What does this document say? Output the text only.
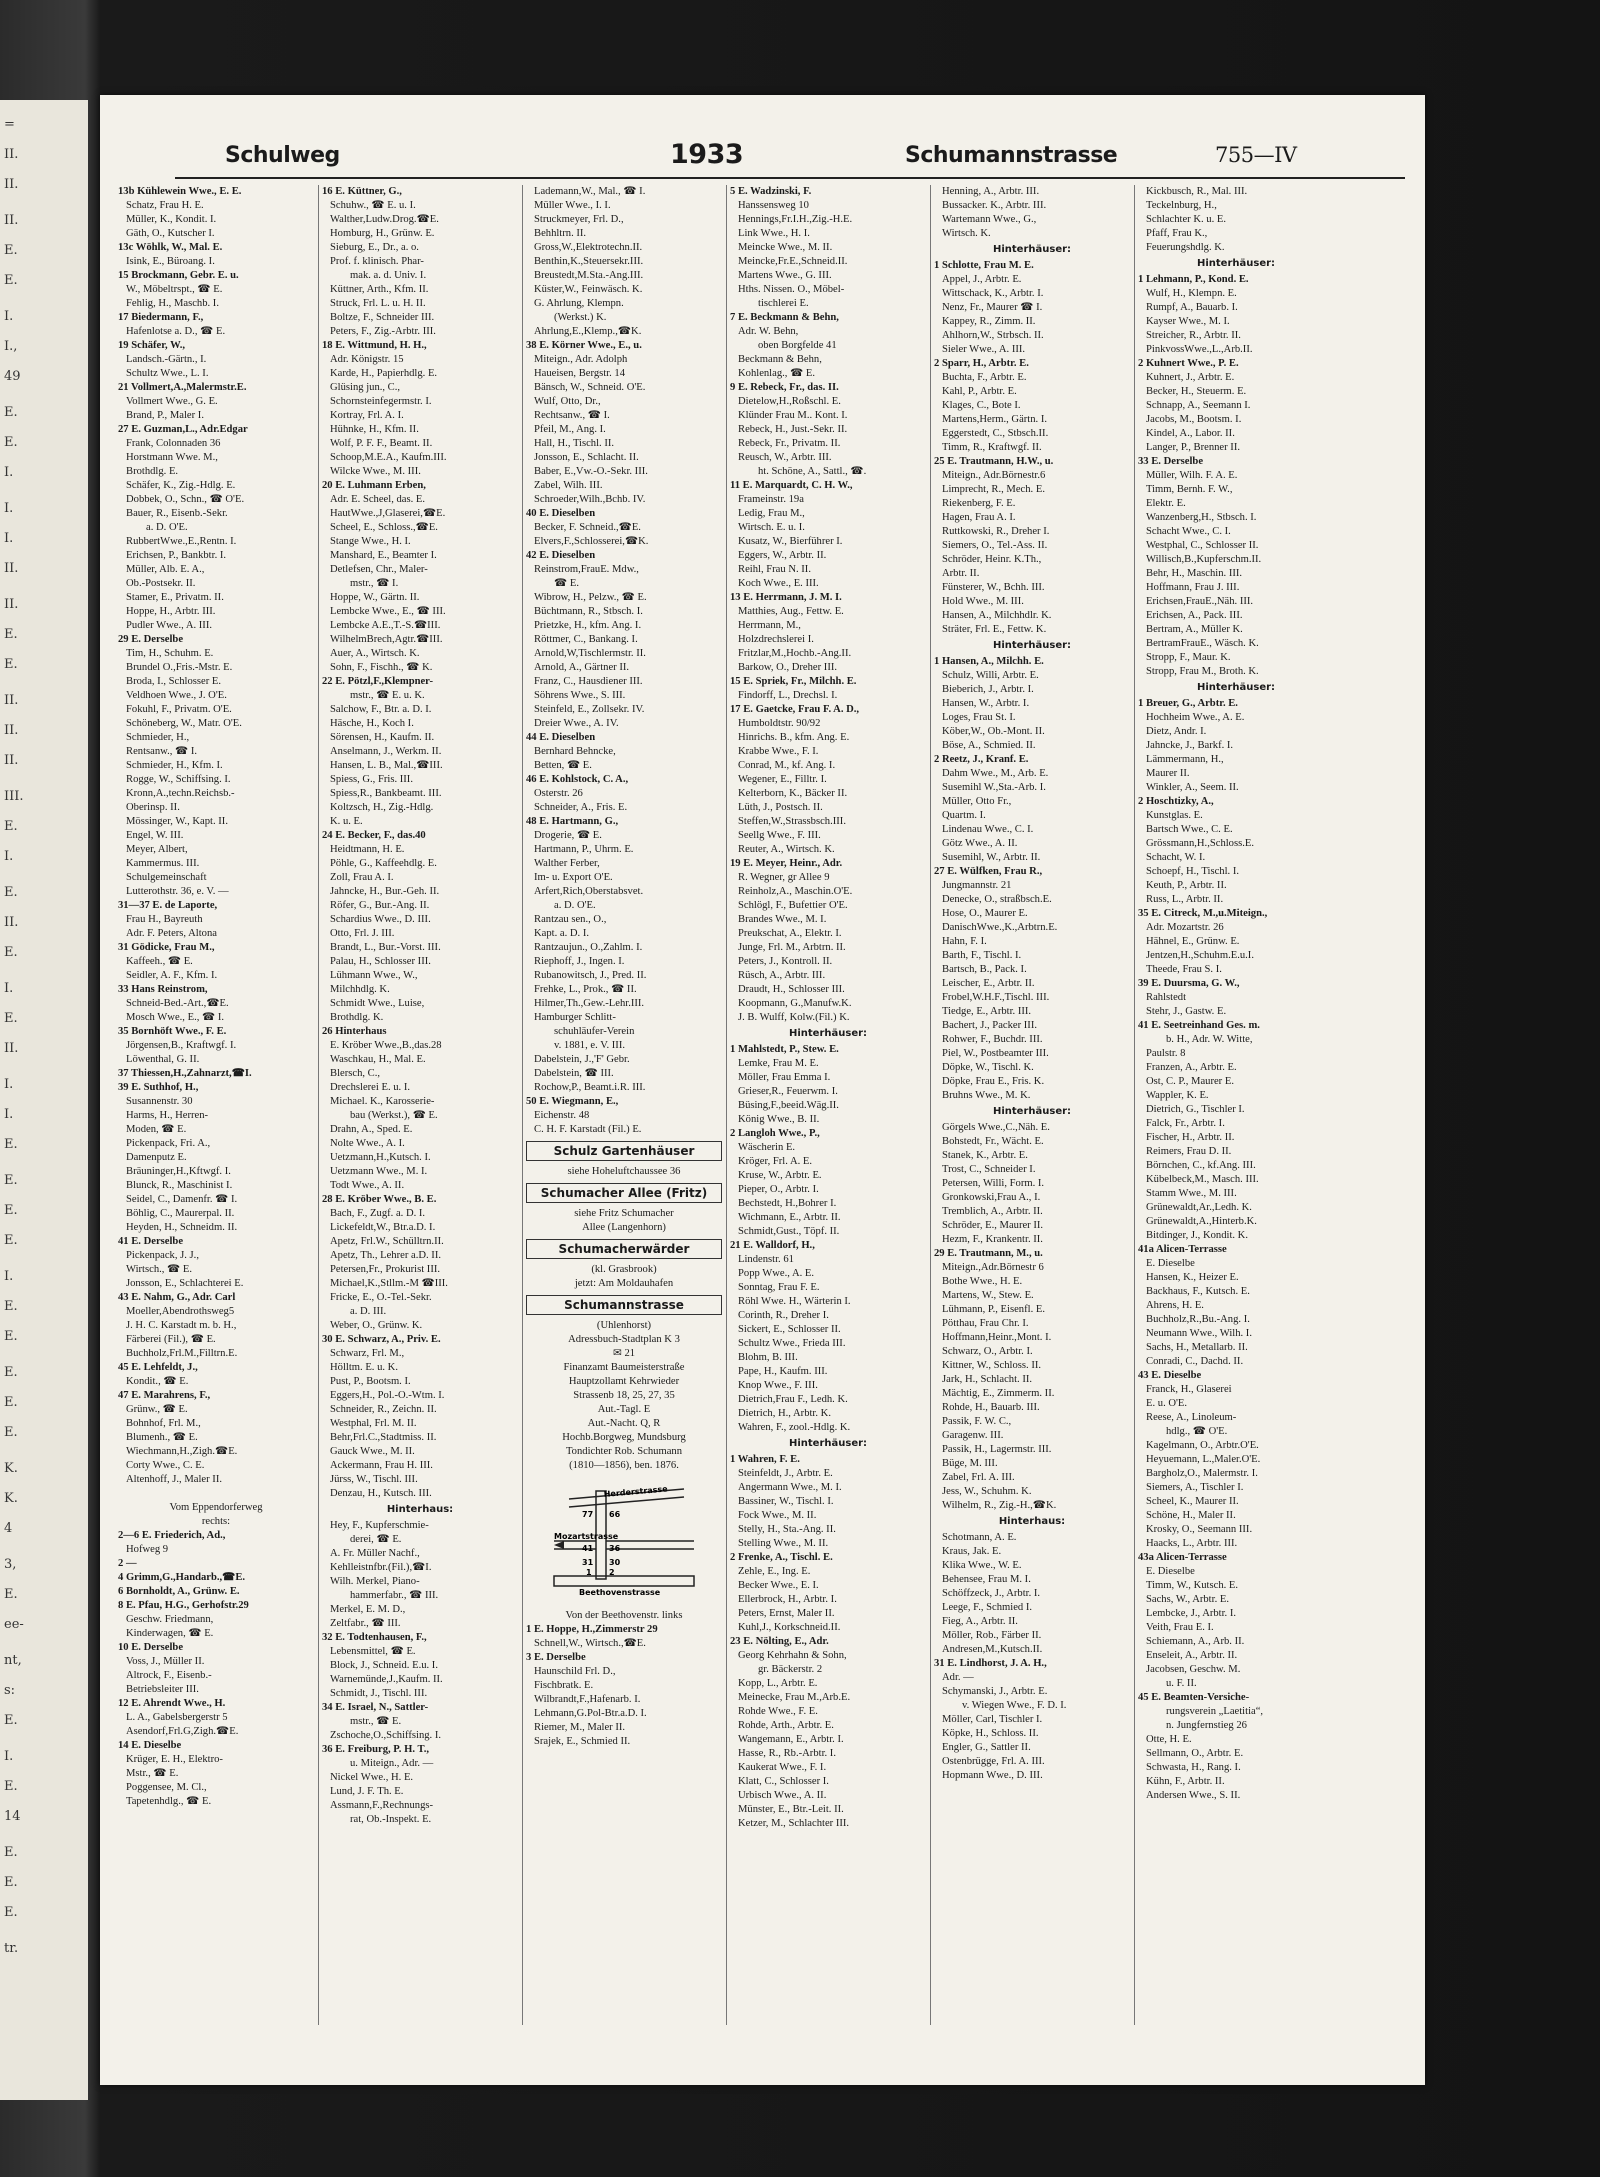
=
II.
II.
II.
E.
E.
I.
I.,
49
E.
E.
I.
I.
I.
II.
II.
E.
E.
II.
II.
II.
III.
E.
I.
E.
II.
E.
I.
E.
II.
I.
I.
E.
E.
E.
E.
I.
E.
E.
E.
E.
E.
K.
K.
4
3,
E.
ee-
nt,
s:
E.
I.
E.
14
E.
E.
E.
tr.
Schulweg	1933	Schumannstrasse	755—IV
13b Kühlewein Wwe., E. E.
Schatz, Frau H. E.
Müller, K., Kondit. I.
Gäth, O., Kutscher I.
13c Wöhlk, W., Mal. E.
Isink, E., Büroang. I.
15 Brockmann, Gebr. E. u.
W., Möbeltrspt., ☎ E.
Fehlig, H., Maschb. I.
17 Biedermann, F.,
Hafenlotse a. D., ☎ E.
19 Schäfer, W.,
Landsch.-Gärtn., I.
Schultz Wwe., L. I.
21 Vollmert,A.,Malermstr.E.
Vollmert Wwe., G. E.
Brand, P., Maler I.
27 E. Guzman,L., Adr.Edgar
Frank, Colonnaden 36
Horstmann Wwe. M.,
Brothdlg. E.
Schäfer, K., Zig.-Hdlg. E.
Dobbek, O., Schn., ☎ O'E.
Bauer, R., Eisenb.-Sekr.
a. D. O'E.
RubbertWwe.,E.,Rentn. I.
Erichsen, P., Bankbtr. I.
Müller, Alb. E. A.,
Ob.-Postsekr. II.
Stamer, E., Privatm. II.
Hoppe, H., Arbtr. III.
Pudler Wwe., A. III.
29 E. Derselbe
Tim, H., Schuhm. E.
Brundel O.,Fris.-Mstr. E.
Broda, I., Schlosser E.
Veldhoen Wwe., J. O'E.
Fokuhl, F., Privatm. O'E.
Schöneberg, W., Matr. O'E.
Schmieder, H.,
Rentsanw., ☎ I.
Schmieder, H., Kfm. I.
Rogge, W., Schiffsing. I.
Kronn,A.,techn.Reichsb.-
Oberinsp. II.
Mössinger, W., Kapt. II.
Engel, W. III.
Meyer, Albert,
Kammermus. III.
Schulgemeinschaft
Lutterothstr. 36, e. V. —
31—37 E. de Laporte,
Frau H., Bayreuth
Adr. F. Peters, Altona
31 Gödicke, Frau M.,
Kaffeeh., ☎ E.
Seidler, A. F., Kfm. I.
33 Hans Reinstrom,
Schneid-Bed.-Art.,☎E.
Mosch Wwe., E., ☎ I.
35 Bornhöft Wwe., F. E.
Jörgensen,B., Kraftwgf. I.
Löwenthal, G. II.
37 Thiessen,H.,Zahnarzt,☎I.
39 E. Suthhof, H.,
Susannenstr. 30
Harms, H., Herren-
Moden, ☎ E.
Pickenpack, Fri. A.,
Damenputz E.
Bräuninger,H.,Kftwgf. I.
Blunck, R., Maschinist I.
Seidel, C., Damenfr. ☎ I.
Böhlig, C., Maurerpal. II.
Heyden, H., Schneidm. II.
41 E. Derselbe
Pickenpack, J. J.,
Wirtsch., ☎ E.
Jonsson, E., Schlachterei E.
43 E. Nahm, G., Adr. Carl
Moeller,Abendrothsweg5
J. H. C. Karstadt m. b. H.,
Färberei (Fil.), ☎ E.
Buchholz,Frl.M.,Filltrn.E.
45 E. Lehfeldt, J.,
Kondit., ☎ E.
47 E. Marahrens, F.,
Grünw., ☎ E.
Bohnhof, Frl. M.,
Blumenh., ☎ E.
Wiechmann,H.,Zigh.☎E.
Corty Wwe., C. E.
Altenhoff, J., Maler II.

Vom Eppendorferweg
rechts:
2—6 E. Friederich, Ad.,
Hofweg 9
2 —
4 Grimm,G.,Handarb.,☎E.
6 Bornholdt, A., Grünw. E.
8 E. Pfau, H.G., Gerhofstr.29
Geschw. Friedmann,
Kinderwagen, ☎ E.
10 E. Derselbe
Voss, J., Müller II.
Altrock, F., Eisenb.-
Betriebsleiter III.
12 E. Ahrendt Wwe., H.
L. A., Gabelsbergerstr 5
Asendorf,Frl.G,Zigh.☎E.
14 E. Dieselbe
Krüger, E. H., Elektro-
Mstr., ☎ E.
Poggensee, M. Cl.,
Tapetenhdlg., ☎ E.
16 E. Küttner, G.,
Schuhw., ☎ E. u. I.
Walther,Ludw.Drog.☎E.
Homburg, H., Grünw. E.
Sieburg, E., Dr., a. o.
Prof. f. klinisch. Phar-
mak. a. d. Univ. I.
Küttner, Arth., Kfm. II.
Struck, Frl. L. u. H. II.
Boltze, F., Schneider III.
Peters, F., Zig.-Arbtr. III.
18 E. Wittmund, H. H.,
Adr. Königstr. 15
Karde, H., Papierhdlg. E.
Glüsing jun., C.,
Schornsteinfegermstr. I.
Kortray, Frl. A. I.
Hühnke, H., Kfm. II.
Wolf, P. F. F., Beamt. II.
Schoop,M.E.A., Kaufm.III.
Wilcke Wwe., M. III.
20 E. Luhmann Erben,
Adr. E. Scheel, das. E.
HautWwe.,J,Glaserei,☎E.
Scheel, E., Schloss.,☎E.
Stange Wwe., H. I.
Manshard, E., Beamter I.
Detlefsen, Chr., Maler-
mstr., ☎ I.
Hoppe, W., Gärtn. II.
Lembcke Wwe., E., ☎ III.
Lembcke A.E.,T.-S.☎III.
WilhelmBrech,Agtr.☎III.
Auer, A., Wirtsch. K.
Sohn, F., Fischh., ☎ K.
22 E. Pötzl,F.,Klempner-
mstr., ☎ E. u. K.
Salchow, F., Btr. a. D. I.
Häsche, H., Koch I.
Sörensen, H., Kaufm. II.
Anselmann, J., Werkm. II.
Hansen, L. B., Mal.,☎III.
Spiess, G., Fris. III.
Spiess,R., Bankbeamt. III.
Koltzsch, H., Zig.-Hdlg.
K. u. E.
24 E. Becker, F., das.40
Heidtmann, H. E.
Pöhle, G., Kaffeehdlg. E.
Zoll, Frau A. I.
Jahncke, H., Bur.-Geh. II.
Röfer, G., Bur.-Ang. II.
Schardius Wwe., D. III.
Otto, Frl. J. III.
Brandt, L., Bur.-Vorst. III.
Palau, H., Schlosser III.
Lühmann Wwe., W.,
Milchhdlg. K.
Schmidt Wwe., Luise,
Brothdlg. K.
26 Hinterhaus
E. Kröber Wwe.,B.,das.28
Waschkau, H., Mal. E.
Blersch, C.,
Drechslerei E. u. I.
Michael. K., Karosserie-
bau (Werkst.), ☎ E.
Drahn, A., Sped. E.
Nolte Wwe., A. I.
Uetzmann,H.,Kutsch. I.
Uetzmann Wwe., M. I.
Todt Wwe., A. II.
28 E. Kröber Wwe., B. E.
Bach, F., Zugf. a. D. I.
Lickefeldt,W., Btr.a.D. I.
Apetz, Frl.W., Schülltrn.II.
Apetz, Th., Lehrer a.D. II.
Petersen,Fr., Prokurist III.
Michael,K.,Stllm.-M ☎III.
Fricke, E., O.-Tel.-Sekr.
a. D. III.
Weber, O., Grünw. K.
30 E. Schwarz, A., Priv. E.
Schwarz, Frl. M.,
Hölltm. E. u. K.
Pust, P., Bootsm. I.
Eggers,H., Pol.-O.-Wtm. I.
Schneider, R., Zeichn. II.
Westphal, Frl. M. II.
Behr,Frl.C.,Stadtmiss. II.
Gauck Wwe., M. II.
Ackermann, Frau H. III.
Jürss, W., Tischl. III.
Denzau, H., Kutsch. III.
Hinterhaus:
Hey, F., Kupferschmie-
derei, ☎ E.
A. Fr. Müller Nachf.,
Kehlleistnfbr.(Fil.),☎I.
Wilh. Merkel, Piano-
hammerfabr., ☎ III.
Merkel, E. M. D.,
Zeltfabr., ☎ III.
32 E. Todtenhausen, F.,
Lebensmittel, ☎ E.
Block, J., Schneid. E.u. I.
Warnemünde,J.,Kaufm. II.
Schmidt, J., Tischl. III.
34 E. Israel, N., Sattler-
mstr., ☎ E.
Zschoche,O.,Schiffsing. I.
36 E. Freiburg, P. H. T.,
u. Miteign., Adr. —
Nickel Wwe., H. E.
Lund, J. F. Th. E.
Assmann,F.,Rechnungs-
rat, Ob.-Inspekt. E.
Lademann,W., Mal., ☎ I.
Müller Wwe., I. I.
Struckmeyer, Frl. D.,
Behhltrn. II.
Gross,W.,Elektrotechn.II.
Benthin,K.,Steuersekr.III.
Breustedt,M.Sta.-Ang.III.
Küster,W., Feinwäsch. K.
G. Ahrlung, Klempn.
(Werkst.) K.
Ahrlung,E.,Klemp.,☎K.
38 E. Körner Wwe., E., u.
Miteign., Adr. Adolph
Haueisen, Bergstr. 14
Bänsch, W., Schneid. O'E.
Wulf, Otto, Dr.,
Rechtsanw., ☎ I.
Pfeil, M., Ang. I.
Hall, H., Tischl. II.
Jonsson, E., Schlacht. II.
Baber, E.,Vw.-O.-Sekr. III.
Zabel, Wilh. III.
Schroeder,Wilh.,Bchb. IV.
40 E. Dieselben
Becker, F. Schneid.,☎E.
Elvers,F.,Schlosserei,☎K.
42 E. Dieselben
Reinstrom,FrauE. Mdw.,
☎ E.
Wibrow, H., Pelzw., ☎ E.
Büchtmann, R., Stbsch. I.
Prietzke, H., kfm. Ang. I.
Röttmer, C., Bankang. I.
Arnold,W,Tischlermstr. II.
Arnold, A., Gärtner II.
Franz, C., Hausdiener III.
Söhrens Wwe., S. III.
Steinfeld, E., Zollsekr. IV.
Dreier Wwe., A. IV.
44 E. Dieselben
Bernhard Behncke,
Betten, ☎ E.
46 E. Kohlstock, C. A.,
Osterstr. 26
Schneider, A., Fris. E.
48 E. Hartmann, G.,
Drogerie, ☎ E.
Hartmann, P., Uhrm. E.
Walther Ferber,
Im- u. Export O'E.
Arfert,Rich,Oberstabsvet.
a. D. O'E.
Rantzau sen., O.,
Kapt. a. D. I.
Rantzaujun., O.,Zahlm. I.
Riephoff, J., Ingen. I.
Rubanowitsch, J., Pred. II.
Frehke, L., Prok., ☎ II.
Hilmer,Th.,Gew.-Lehr.III.
Hamburger Schlitt-
schuhläufer-Verein
v. 1881, e. V. III.
Dabelstein, J.,'F' Gebr.
Dabelstein, ☎ III.
Rochow,P., Beamt.i.R. III.
50 E. Wiegmann, E.,
Eichenstr. 48
C. H. F. Karstadt (Fil.) E.
Schulz Gartenhäuser
siehe Hoheluftchaussee 36
Schumacher Allee (Fritz)
siehe Fritz Schumacher
Allee (Langenhorn)
Schumacherwärder
(kl. Grasbrook)
jetzt: Am Moldauhafen
Schumannstrasse
(Uhlenhorst)
Adressbuch-Stadtplan K 3
✉ 21
Finanzamt Baumeisterstraße
Hauptzollamt Kehrwieder
Strassenb 18, 25, 27, 35
Aut.-Tagl. E
Aut.-Nacht. Q, R
Hochb.Borgweg, Mundsburg
Tondichter Rob. Schumann
(1810—1856), ben. 1876.
Herderstrasse
Mozartstrasse
Beethovenstrasse
77 66
41 36
31 30
1 2
Von der Beethovenstr. links
1 E. Hoppe, H.,Zimmerstr 29
Schnell,W., Wirtsch.,☎E.
3 E. Derselbe
Haunschild Frl. D.,
Fischbratk. E.
Wilbrandt,F.,Hafenarb. I.
Lehmann,G.Pol-Btr.a.D. I.
Riemer, M., Maler II.
Srajek, E., Schmied II.
5 E. Wadzinski, F.
Hanssensweg 10
Hennings,Fr.I.H.,Zig.-H.E.
Link Wwe., H. I.
Meincke Wwe., M. II.
Meincke,Fr.E.,Schneid.II.
Martens Wwe., G. III.
Hths. Nissen. O., Möbel-
tischlerei E.
7 E. Beckmann & Behn,
Adr. W. Behn,
oben Borgfelde 41
Beckmann & Behn,
Kohlenlag., ☎ E.
9 E. Rebeck, Fr., das. II.
Dietelow,H.,Roßschl. E.
Klünder Frau M.. Kont. I.
Rebeck, H., Just.-Sekr. II.
Rebeck, Fr., Privatm. II.
Reusch, W., Arbtr. III.
ht. Schöne, A., Sattl., ☎.
11 E. Marquardt, C. H. W.,
Frameinstr. 19a
Ledig, Frau M.,
Wirtsch. E. u. I.
Kusatz, W., Bierführer I.
Eggers, W., Arbtr. II.
Reihl, Frau N. II.
Koch Wwe., E. III.
13 E. Herrmann, J. M. I.
Matthies, Aug., Fettw. E.
Herrmann, M.,
Holzdrechslerei I.
Fritzlar,M.,Hochb.-Ang.II.
Barkow, O., Dreher III.
15 E. Spriek, Fr., Milchh. E.
Findorff, L., Drechsl. I.
17 E. Gaetcke, Frau F. A. D.,
Humboldtstr. 90/92
Hinrichs. B., kfm. Ang. E.
Krabbe Wwe., F. I.
Conrad, M., kf. Ang. I.
Wegener, E., Filltr. I.
Kelterborn, K., Bäcker II.
Lüth, J., Postsch. II.
Steffen,W.,Strassbsch.III.
Seellg Wwe., F. III.
Reuter, A., Wirtsch. K.
19 E. Meyer, Heinr., Adr.
R. Wegner, gr Allee 9
Reinholz,A., Maschin.O'E.
Schlögl, F., Bufettier O'E.
Brandes Wwe., M. I.
Preukschat, A., Elektr. I.
Junge, Frl. M., Arbtrn. II.
Peters, J., Kontroll. II.
Rüsch, A., Arbtr. III.
Draudt, H., Schlosser III.
Koopmann, G.,Manufw.K.
J. B. Wulff, Kolw.(Fil.) K.
Hinterhäuser:
1 Mahlstedt, P., Stew. E.
Lemke, Frau M. E.
Möller, Frau Emma I.
Grieser,R., Feuerwm. I.
Büsing,F.,beeid.Wäg.II.
König Wwe., B. II.
2 Langloh Wwe., P.,
Wäscherin E.
Kröger, Frl. A. E.
Kruse, W., Arbtr. E.
Pieper, O., Arbtr. I.
Bechstedt, H.,Bohrer I.
Wichmann, E., Arbtr. II.
Schmidt,Gust., Töpf. II.
21 E. Walldorf, H.,
Lindenstr. 61
Popp Wwe., A. E.
Sonntag, Frau F. E.
Röhl Wwe. H., Wärterin I.
Corinth, R., Dreher I.
Sickert, E., Schlosser II.
Schultz Wwe., Frieda III.
Blohm, B. III.
Pape, H., Kaufm. III.
Knop Wwe., F. III.
Dietrich,Frau F., Ledh. K.
Dietrich, H., Arbtr. K.
Wahren, F., zool.-Hdlg. K.
Hinterhäuser:
1 Wahren, F. E.
Steinfeldt, J., Arbtr. E.
Angermann Wwe., M. I.
Bassiner, W., Tischl. I.
Fock Wwe., M. II.
Stelly, H., Sta.-Ang. II.
Stelling Wwe., M. II.
2 Frenke, A., Tischl. E.
Zehle, E., Ing. E.
Becker Wwe., E. I.
Ellerbrock, H., Arbtr. I.
Peters, Ernst, Maler II.
Kuhl,J., Korkschneid.II.
23 E. Nölting, E., Adr.
Georg Kehrhahn & Sohn,
gr. Bäckerstr. 2
Kopp, L., Arbtr. E.
Meinecke, Frau M.,Arb.E.
Rohde Wwe., F. E.
Rohde, Arth., Arbtr. E.
Wangemann, E., Arbtr. I.
Hasse, R., Rb.-Arbtr. I.
Kaukerat Wwe., F. I.
Klatt, C., Schlosser I.
Urbisch Wwe., A. II.
Münster, E., Btr.-Leit. II.
Ketzer, M., Schlachter III.
Henning, A., Arbtr. III.
Bussacker. K., Arbtr. III.
Wartemann Wwe., G.,
Wirtsch. K.
Hinterhäuser:
1 Schlotte, Frau M. E.
Appel, J., Arbtr. E.
Wittschack, K., Arbtr. I.
Nenz, Fr., Maurer ☎ I.
Kappey, R., Zimm. II.
Ahlhorn,W., Strbsch. II.
Sieler Wwe., A. III.
2 Sparr, H., Arbtr. E.
Buchta, F., Arbtr. E.
Kahl, P., Arbtr. E.
Klages, C., Bote I.
Martens,Herm., Gärtn. I.
Eggerstedt, C., Stbsch.II.
Timm, R., Kraftwgf. II.
25 E. Trautmann, H.W., u.
Miteign., Adr.Börnestr.6
Limprecht, R., Mech. E.
Riekenberg, F. E.
Hagen, Frau A. I.
Ruttkowski, R., Dreher I.
Siemers, O., Tel.-Ass. II.
Schröder, Heinr. K.Th.,
Arbtr. II.
Fünsterer, W., Bchh. III.
Hold Wwe., M. III.
Hansen, A., Milchhdlr. K.
Sträter, Frl. E., Fettw. K.
Hinterhäuser:
1 Hansen, A., Milchh. E.
Schulz, Willi, Arbtr. E.
Bieberich, J., Arbtr. I.
Hansen, W., Arbtr. I.
Loges, Frau St. I.
Köber,W., Ob.-Mont. II.
Böse, A., Schmied. II.
2 Reetz, J., Kranf. E.
Dahm Wwe., M., Arb. E.
Susemihl W.,Sta.-Arb. I.
Müller, Otto Fr.,
Quartm. I.
Lindenau Wwe., C. I.
Götz Wwe., A. II.
Susemihl, W., Arbtr. II.
27 E. Wülfken, Frau R.,
Jungmannstr. 21
Denecke, O., straßbsch.E.
Hose, O., Maurer E.
DanischWwe.,K.,Arbtrn.E.
Hahn, F. I.
Barth, F., Tischl. I.
Bartsch, B., Pack. I.
Leischer, E., Arbtr. II.
Frobel,W.H.F.,Tischl. III.
Tiedge, E., Arbtr. III.
Bachert, J., Packer III.
Rohwer, F., Buchdr. III.
Piel, W., Postbeamter III.
Döpke, W., Tischl. K.
Döpke, Frau E., Fris. K.
Bruhns Wwe., M. K.
Hinterhäuser:
Görgels Wwe.,C.,Näh. E.
Bohstedt, Fr., Wächt. E.
Stanek, K., Arbtr. E.
Trost, C., Schneider I.
Petersen, Willi, Form. I.
Gronkowski,Frau A., I.
Tremblich, A., Arbtr. II.
Schröder, E., Maurer II.
Hezm, F., Krankentr. II.
29 E. Trautmann, M., u.
Miteign.,Adr.Börnestr 6
Bothe Wwe., H. E.
Martens, W., Stew. E.
Lühmann, P., Eisenfl. E.
Pötthau, Frau Chr. I.
Hoffmann,Heinr.,Mont. I.
Schwarz, O., Arbtr. I.
Kittner, W., Schloss. II.
Jark, H., Schlacht. II.
Mächtig, E., Zimmerm. II.
Rohde, H., Bauarb. III.
Passik, F. W. C.,
Garagenw. III.
Passik, H., Lagermstr. III.
Büge, M. III.
Zabel, Frl. A. III.
Jess, W., Schuhm. K.
Wilhelm, R., Zig.-H.,☎K.
Hinterhaus:
Schotmann, A. E.
Kraus, Jak. E.
Klika Wwe., W. E.
Behensee, Frau M. I.
Schöffzeck, J., Arbtr. I.
Leege, F., Schmied I.
Fieg, A., Arbtr. II.
Möller, Rob., Färber II.
Andresen,M.,Kutsch.II.
31 E. Lindhorst, J. A. H.,
Adr. —
Schymanski, J., Arbtr. E.
v. Wiegen Wwe., F. D. I.
Möller, Carl, Tischler I.
Köpke, H., Schloss. II.
Engler, G., Sattler II.
Ostenbrügge, Frl. A. III.
Hopmann Wwe., D. III.
Kickbusch, R., Mal. III.
Teckelnburg, H.,
Schlachter K. u. E.
Pfaff, Frau K.,
Feuerungshdlg. K.
Hinterhäuser:
1 Lehmann, P., Kond. E.
Wulf, H., Klempn. E.
Rumpf, A., Bauarb. I.
Kayser Wwe., M. I.
Streicher, R., Arbtr. II.
PinkvossWwe.,L.,Arb.II.
2 Kuhnert Wwe., P. E.
Kuhnert, J., Arbtr. E.
Becker, H., Steuerm. E.
Schnapp, A., Seemann I.
Jacobs, M., Bootsm. I.
Kindel, A., Labor. II.
Langer, P., Brenner II.
33 E. Derselbe
Müller, Wilh. F. A. E.
Timm, Bernh. F. W.,
Elektr. E.
Wanzenberg,H., Stbsch. I.
Schacht Wwe., C. I.
Westphal, C., Schlosser II.
Willisch,B.,Kupferschm.II.
Behr, H., Maschin. III.
Hoffmann, Frau J. III.
Erichsen,FrauE.,Näh. III.
Erichsen, A., Pack. III.
Bertram, A., Müller K.
BertramFrauE., Wäsch. K.
Stropp, F., Maur. K.
Stropp, Frau M., Broth. K.
Hinterhäuser:
1 Breuer, G., Arbtr. E.
Hochheim Wwe., A. E.
Dietz, Andr. I.
Jahncke, J., Barkf. I.
Lämmermann, H.,
Maurer II.
Winkler, A., Seem. II.
2 Hoschtizky, A.,
Kunstglas. E.
Bartsch Wwe., C. E.
Grössmann,H.,Schloss.E.
Schacht, W. I.
Schoepf, H., Tischl. I.
Keuth, P., Arbtr. II.
Russ, L., Arbtr. II.
35 E. Citreck, M.,u.Miteign.,
Adr. Mozartstr. 26
Hähnel, E., Grünw. E.
Jentzen,H.,Schuhm.E.u.I.
Theede, Frau S. I.
39 E. Duursma, G. W.,
Rahlstedt
Stehr, J., Gastw. E.
41 E. Seetreinhand Ges. m.
b. H., Adr. W. Witte,
Paulstr. 8
Franzen, A., Arbtr. E.
Ost, C. P., Maurer E.
Wappler, K. E.
Dietrich, G., Tischler I.
Falck, Fr., Arbtr. I.
Fischer, H., Arbtr. II.
Reimers, Frau D. II.
Börnchen, C., kf.Ang. III.
Kübelbeck,M., Masch. III.
Stamm Wwe., M. III.
Grünewaldt,Ar.,Ledh. K.
Grünewaldt,A.,Hinterb.K.
Bitdinger, J., Kondit. K.
41a Alicen-Terrasse
E. Dieselbe
Hansen, K., Heizer E.
Backhaus, F., Kutsch. E.
Ahrens, H. E.
Buchholz,R.,Bu.-Ang. I.
Neumann Wwe., Wilh. I.
Sachs, H., Metallarb. II.
Conradi, C., Dachd. II.
43 E. Dieselbe
Franck, H., Glaserei
E. u. O'E.
Reese, A., Linoleum-
hdlg., ☎ O'E.
Kagelmann, O., Arbtr.O'E.
Heyuemann, L.,Maler.O'E.
Bargholz,O., Malermstr. I.
Siemers, A., Tischler I.
Scheel, K., Maurer II.
Schöne, H., Maler II.
Krosky, O., Seemann III.
Haacks, L., Arbtr. III.
43a Alicen-Terrasse
E. Dieselbe
Timm, W., Kutsch. E.
Sachs, W., Arbtr. E.
Lembcke, J., Arbtr. I.
Veith, Frau E. I.
Schiemann, A., Arb. II.
Enseleit, A., Arbtr. II.
Jacobsen, Geschw. M.
u. F. II.
45 E. Beamten-Versiche-
rungsverein „Laetitia“,
n. Jungfernstieg 26
Otte, H. E.
Sellmann, O., Arbtr. E.
Schwasta, H., Rang. I.
Kühn, F., Arbtr. II.
Andersen Wwe., S. II.
